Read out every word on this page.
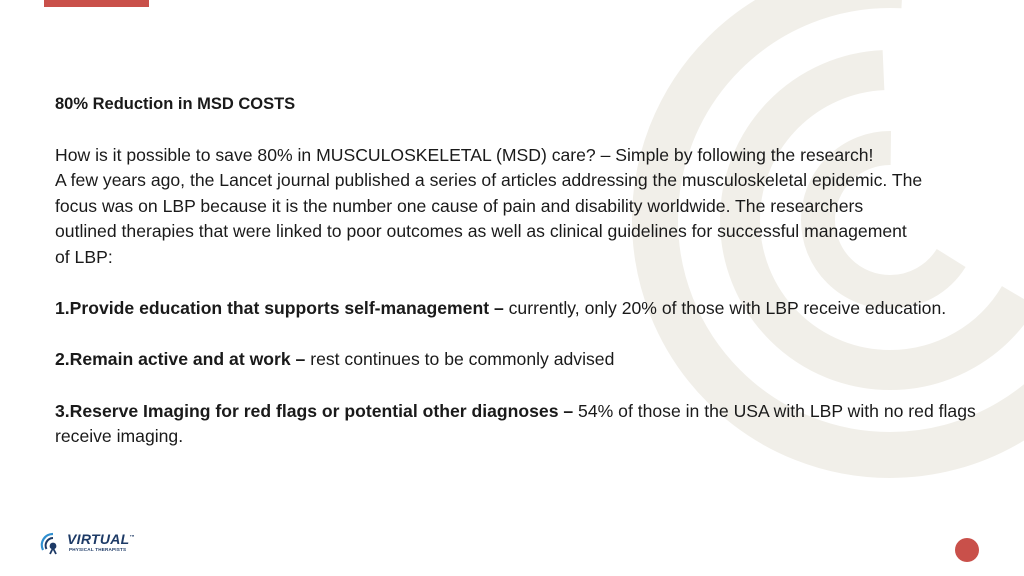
80% Reduction in MSD COSTS

How is it possible to save 80% in MUSCULOSKELETAL (MSD) care? – Simple by following the research!

A few years ago, the Lancet journal published a series of articles addressing the musculoskeletal epidemic. The focus was on LBP because it is the number one cause of pain and disability worldwide. The researchers outlined therapies that were linked to poor outcomes as well as clinical guidelines for successful management of LBP:

1.Provide education that supports self-management – currently, only 20% of those with LBP receive education.

2.Remain active and at work – rest continues to be commonly advised

3.Reserve Imaging for red flags or potential other diagnoses – 54% of those in the USA with LBP with no red flags receive imaging.

VIRTUAL™
PHYSICAL THERAPISTS
